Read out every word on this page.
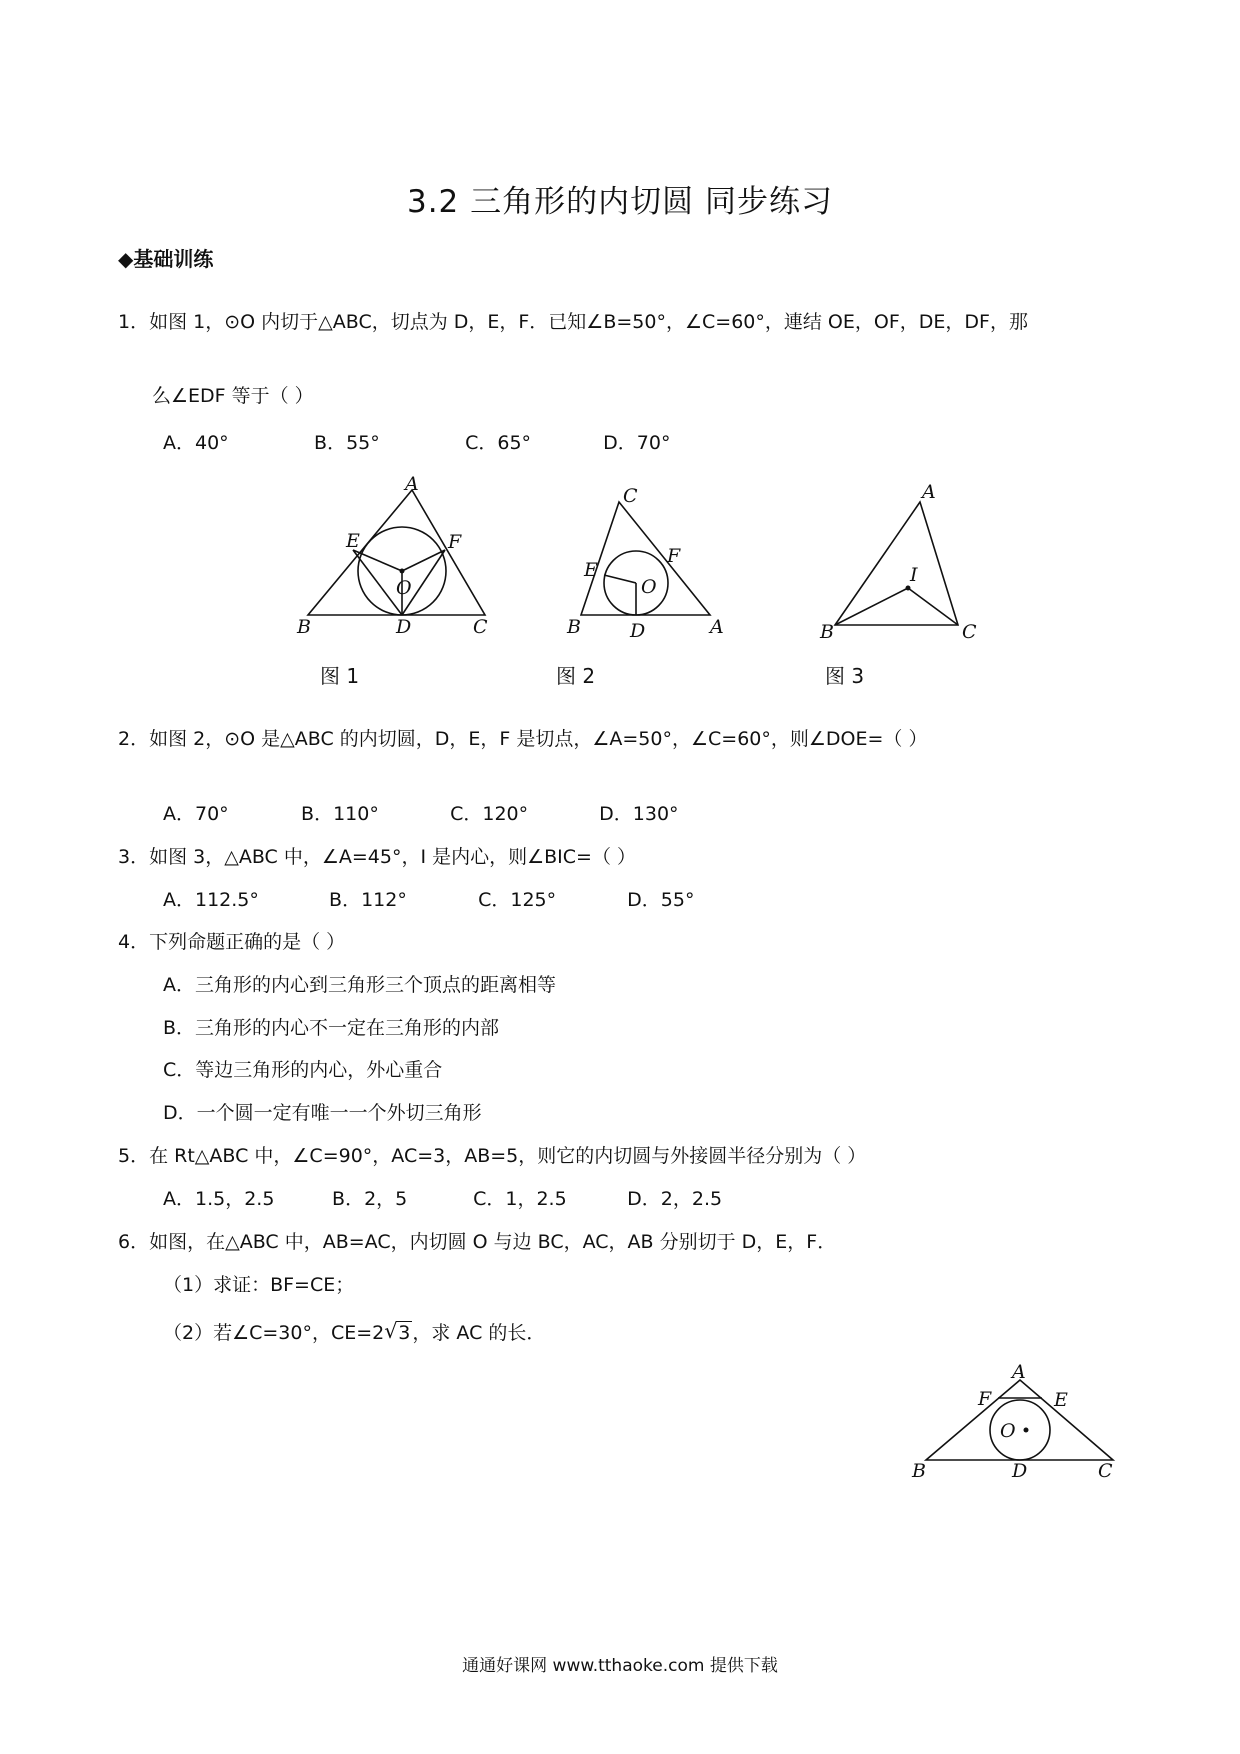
3.2 三角形的内切圆 同步练习
◆基础训练
1．如图 1，⊙O 内切于△ABC，切点为 D，E，F．已知∠B=50°，∠C=60°，連结 OE，OF，DE，DF，那
么∠EDF 等于（ ）
A．40°	B．55°	C．65°	D．70°
A
B	C
D
E	F
O
C
B	A
D
E
F
O
A
B	C
I
图 1	图 2	图 3
2．如图 2，⊙O 是△ABC 的内切圆，D，E，F 是切点，∠A=50°，∠C=60°，则∠DOE=（ ）
A．70°	B．110°	C．120°	D．130°
3．如图 3，△ABC 中，∠A=45°，I 是内心，则∠BIC=（ ）
A．112.5°	B．112°	C．125°	D．55°
4．下列命题正确的是（ ）
A．三角形的内心到三角形三个顶点的距离相等
B．三角形的内心不一定在三角形的内部
C．等边三角形的内心，外心重合
D．一个圆一定有唯一一个外切三角形
5．在 Rt△ABC 中，∠C=90°，AC=3，AB=5，则它的内切圆与外接圆半径分别为（ ）
A．1.5，2.5	B．2，5	C．1，2.5	D．2，2.5
6．如图，在△ABC 中，AB=AC，内切圆 O 与边 BC，AC，AB 分别切于 D，E，F．
（1）求证：BF=CE；
（2）若∠C=30°，CE=2 √ 3 ，求 AC 的长．
A
B	C
D
E
F
O
通通好课网 www.tthaoke.com 提供下载
